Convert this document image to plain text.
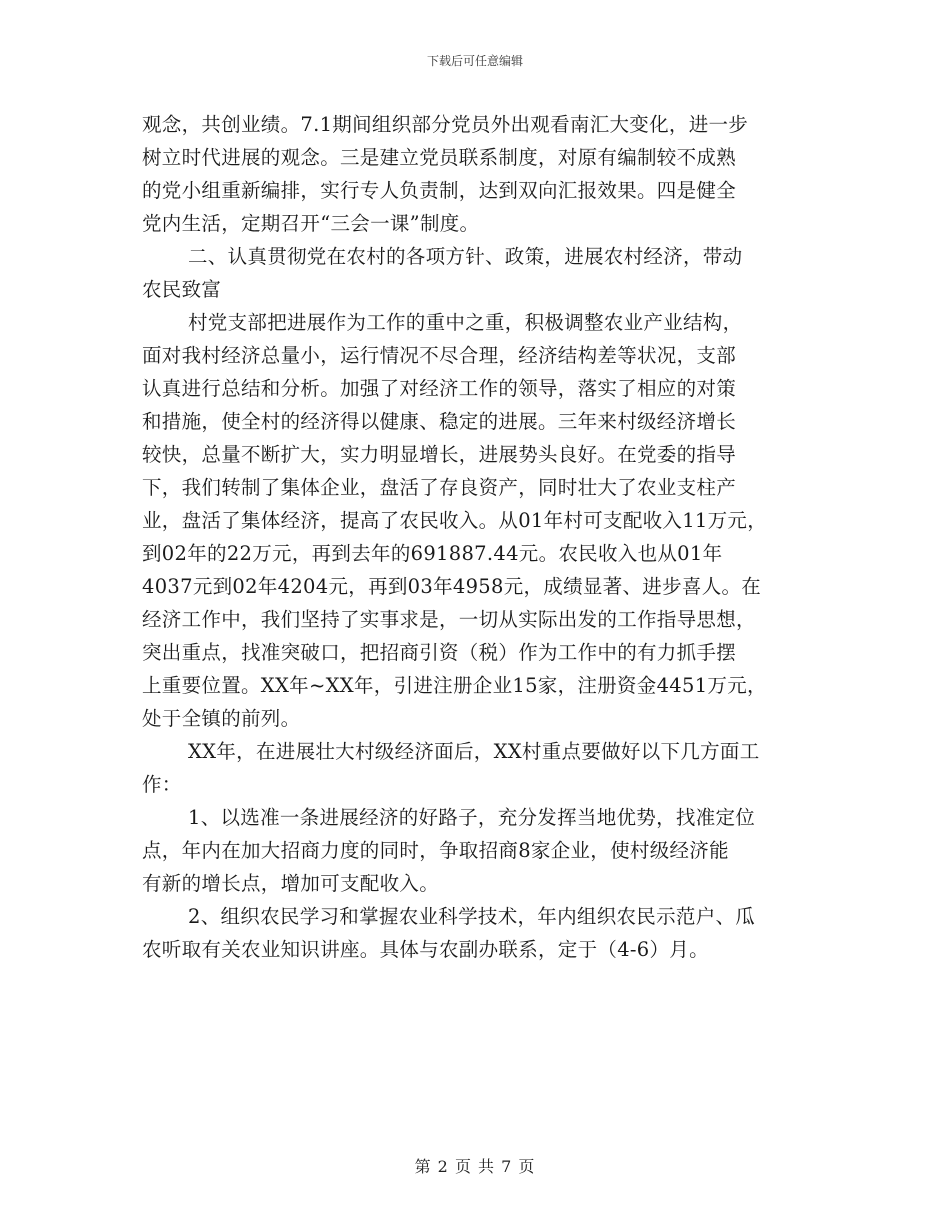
下载后可任意编辑
观念，共创业绩。7.1期间组织部分党员外出观看南汇大变化，进一步
树立时代进展的观念。三是建立党员联系制度，对原有编制较不成熟
的党小组重新编排，实行专人负责制，达到双向汇报效果。四是健全
党内生活，定期召开“三会一课”制度。
二、认真贯彻党在农村的各项方针、政策，进展农村经济，带动
农民致富
村党支部把进展作为工作的重中之重，积极调整农业产业结构，
面对我村经济总量小，运行情况不尽合理，经济结构差等状况，支部
认真进行总结和分析。加强了对经济工作的领导，落实了相应的对策
和措施，使全村的经济得以健康、稳定的进展。三年来村级经济增长
较快，总量不断扩大，实力明显增长，进展势头良好。在党委的指导
下，我们转制了集体企业，盘活了存良资产，同时壮大了农业支柱产
业，盘活了集体经济，提高了农民收入。从01年村可支配收入11万元，
到02年的22万元，再到去年的691887.44元。农民收入也从01年
4037元到02年4204元，再到03年4958元，成绩显著、进步喜人。在
经济工作中，我们坚持了实事求是，一切从实际出发的工作指导思想，
突出重点，找准突破口，把招商引资（税）作为工作中的有力抓手摆
上重要位置。XX年~XX年，引进注册企业15家，注册资金4451万元，
处于全镇的前列。
XX年，在进展壮大村级经济面后，XX村重点要做好以下几方面工
作：
1、以选准一条进展经济的好路子，充分发挥当地优势，找准定位
点，年内在加大招商力度的同时，争取招商8家企业，使村级经济能
有新的增长点，增加可支配收入。
2、组织农民学习和掌握农业科学技术，年内组织农民示范户、瓜
农听取有关农业知识讲座。具体与农副办联系，定于（4-6）月。
第 2 页 共 7 页
